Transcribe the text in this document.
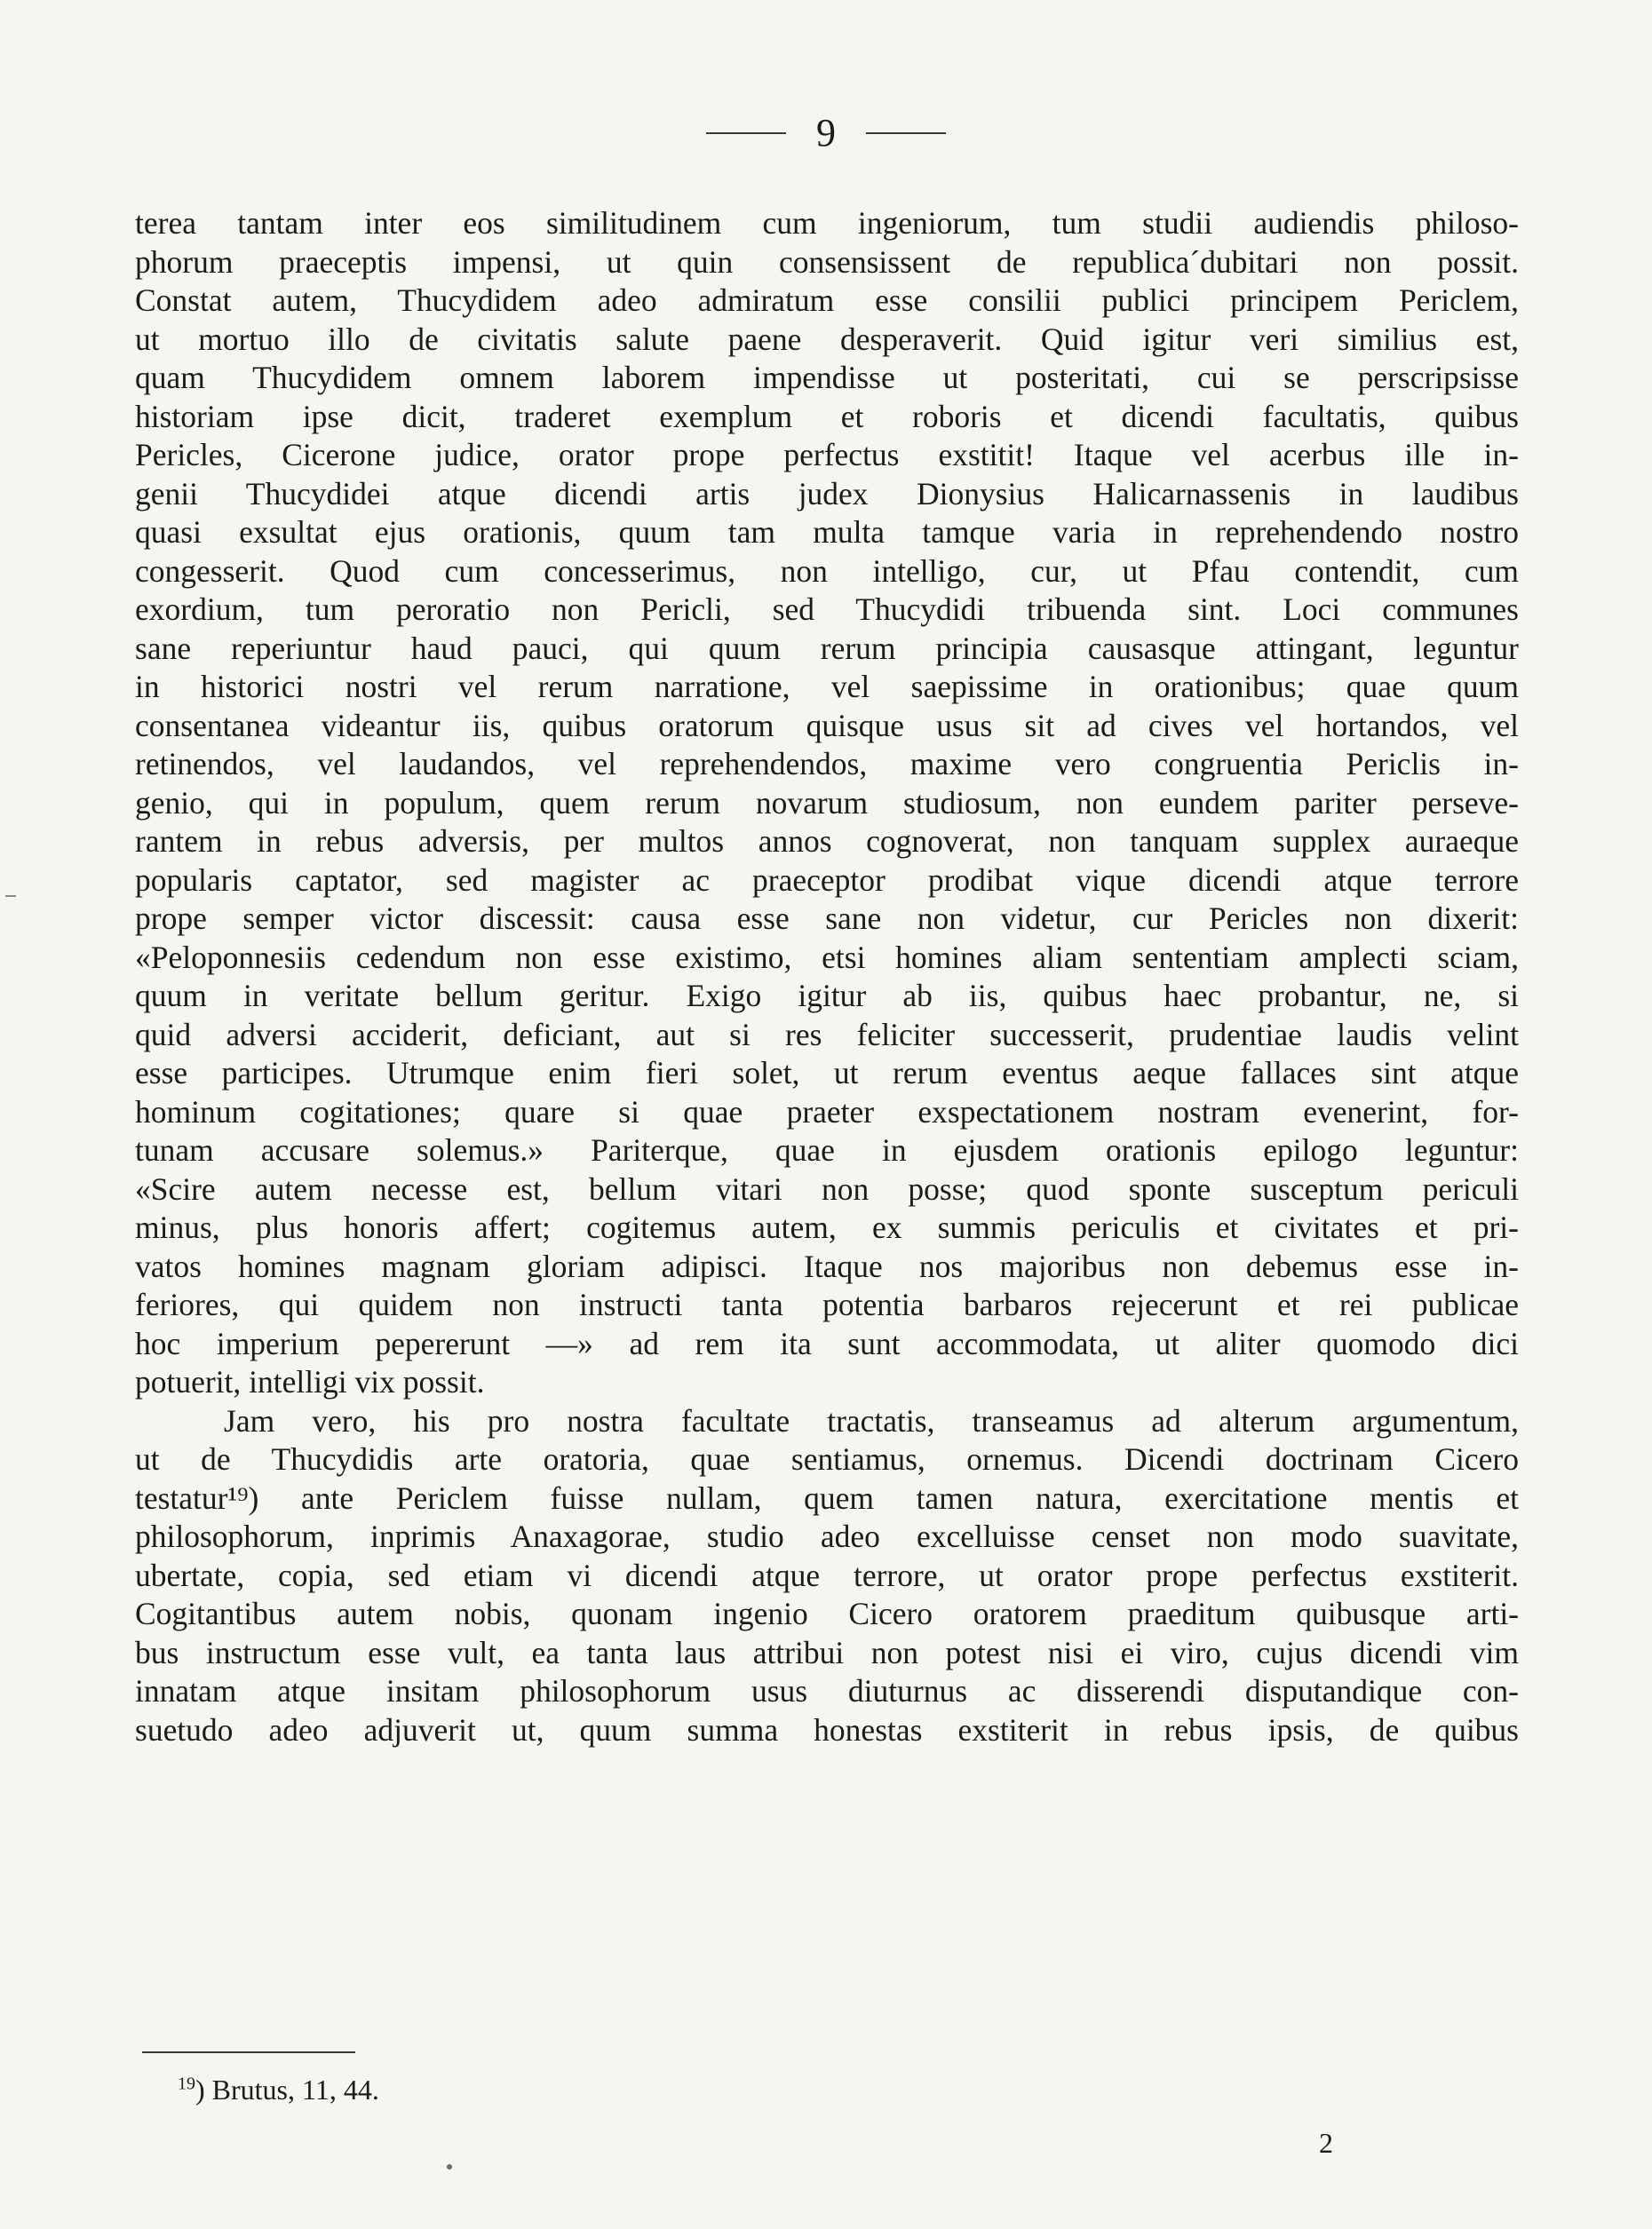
9
terea tantam inter eos similitudinem cum ingeniorum, tum studii audiendis philoso-
phorum praeceptis impensi, ut quin consensissent de republica´dubitari non possit.
Constat autem, Thucydidem adeo admiratum esse consilii publici principem Periclem,
ut mortuo illo de civitatis salute paene desperaverit. Quid igitur veri similius est,
quam Thucydidem omnem laborem impendisse ut posteritati, cui se perscripsisse
historiam ipse dicit, traderet exemplum et roboris et dicendi facultatis, quibus
Pericles, Cicerone judice, orator prope perfectus exstitit! Itaque vel acerbus ille in-
genii Thucydidei atque dicendi artis judex Dionysius Halicarnassenis in laudibus
quasi exsultat ejus orationis, quum tam multa tamque varia in reprehendendo nostro
congesserit. Quod cum concesserimus, non intelligo, cur, ut Pfau contendit, cum
exordium, tum peroratio non Pericli, sed Thucydidi tribuenda sint. Loci communes
sane reperiuntur haud pauci, qui quum rerum principia causasque attingant, leguntur
in historici nostri vel rerum narratione, vel saepissime in orationibus; quae quum
consentanea videantur iis, quibus oratorum quisque usus sit ad cives vel hortandos, vel
retinendos, vel laudandos, vel reprehendendos, maxime vero congruentia Periclis in-
genio, qui in populum, quem rerum novarum studiosum, non eundem pariter perseve-
rantem in rebus adversis, per multos annos cognoverat, non tanquam supplex auraeque
popularis captator, sed magister ac praeceptor prodibat vique dicendi atque terrore
prope semper victor discessit: causa esse sane non videtur, cur Pericles non dixerit:
«Peloponnesiis cedendum non esse existimo, etsi homines aliam sententiam amplecti sciam,
quum in veritate bellum geritur. Exigo igitur ab iis, quibus haec probantur, ne, si
quid adversi acciderit, deficiant, aut si res feliciter successerit, prudentiae laudis velint
esse participes. Utrumque enim fieri solet, ut rerum eventus aeque fallaces sint atque
hominum cogitationes; quare si quae praeter exspectationem nostram evenerint, for-
tunam accusare solemus.» Pariterque, quae in ejusdem orationis epilogo leguntur:
«Scire autem necesse est, bellum vitari non posse; quod sponte susceptum periculi
minus, plus honoris affert; cogitemus autem, ex summis periculis et civitates et pri-
vatos homines magnam gloriam adipisci. Itaque nos majoribus non debemus esse in-
feriores, qui quidem non instructi tanta potentia barbaros rejecerunt et rei publicae
hoc imperium pepererunt —» ad rem ita sunt accommodata, ut aliter quomodo dici
potuerit, intelligi vix possit.
Jam vero, his pro nostra facultate tractatis, transeamus ad alterum argumentum,
ut de Thucydidis arte oratoria, quae sentiamus, ornemus. Dicendi doctrinam Cicero
testatur¹⁹) ante Periclem fuisse nullam, quem tamen natura, exercitatione mentis et
philosophorum, inprimis Anaxagorae, studio adeo excelluisse censet non modo suavitate,
ubertate, copia, sed etiam vi dicendi atque terrore, ut orator prope perfectus exstiterit.
Cogitantibus autem nobis, quonam ingenio Cicero oratorem praeditum quibusque arti-
bus instructum esse vult, ea tanta laus attribui non potest nisi ei viro, cujus dicendi vim
innatam atque insitam philosophorum usus diuturnus ac disserendi disputandique con-
suetudo adeo adjuverit ut, quum summa honestas exstiterit in rebus ipsis, de quibus
$^{19}$) Brutus, 11, 44.
2
